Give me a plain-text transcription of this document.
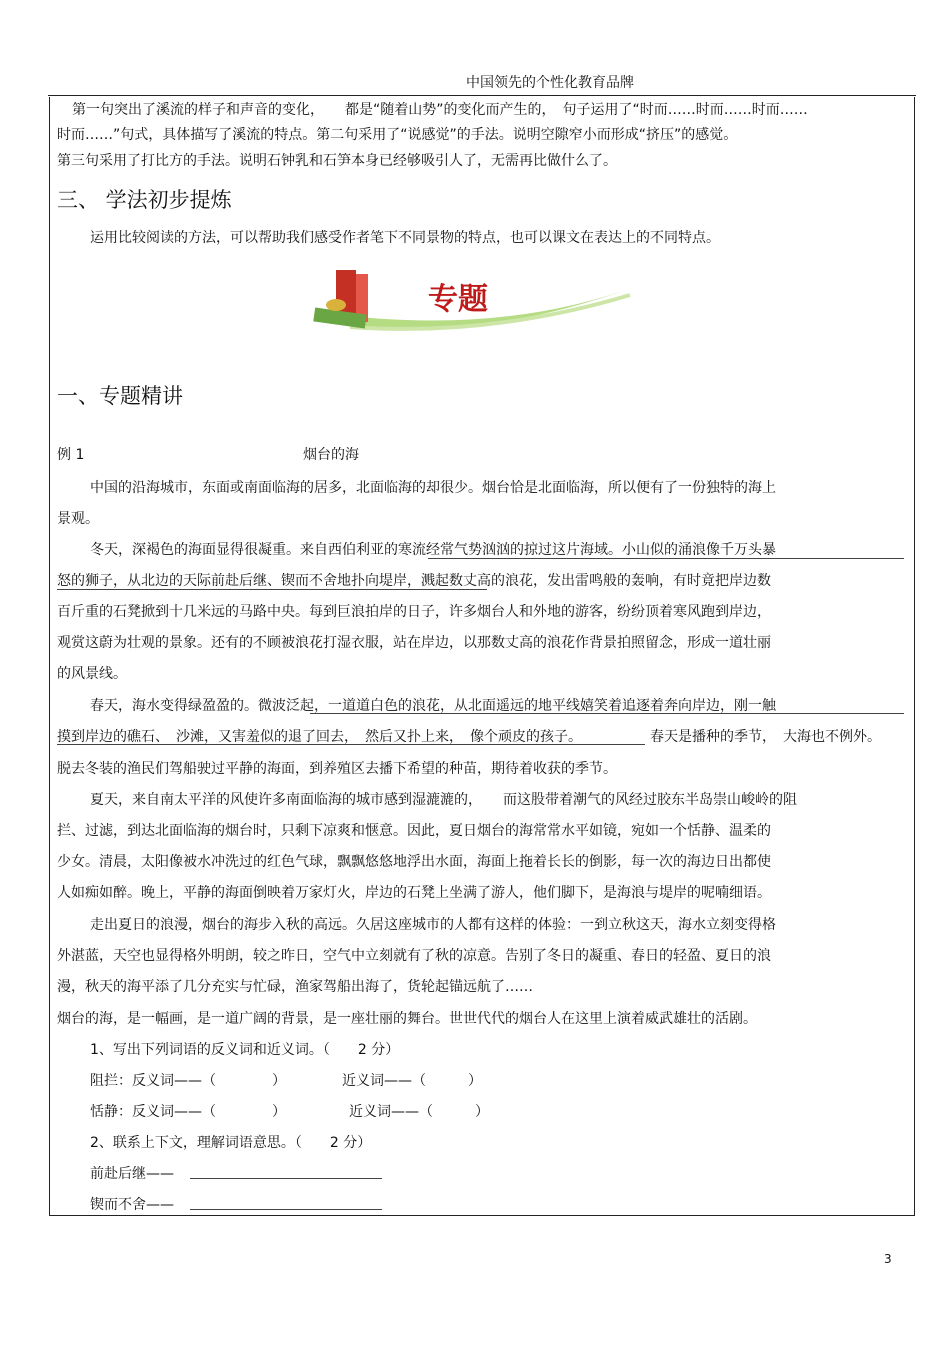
中国领先的个性化教育品牌
第一句突出了溪流的样子和声音的变化，　　都是“随着山势”的变化而产生的，　句子运用了“时而……时而……时而……
时而……”句式，具体描写了溪流的特点。第二句采用了“说感觉”的手法。说明空隙窄小而形成“挤压”的感觉。
第三句采用了打比方的手法。说明石钟乳和石笋本身已经够吸引人了，无需再比做什么了。
三、 学法初步提炼
运用比较阅读的方法，可以帮助我们感受作者笔下不同景物的特点，也可以课文在表达上的不同特点。
专题
一、专题精讲
例 1	烟台的海
中国的沿海城市，东面或南面临海的居多，北面临海的却很少。烟台恰是北面临海，所以便有了一份独特的海上
景观。
冬天，深褐色的海面显得很凝重。来自西伯利亚的寒流经常气势汹汹的掠过这片海域。小山似的涌浪像千万头暴
怒的狮子，从北边的天际前赴后继、锲而不舍地扑向堤岸，溅起数丈高的浪花，发出雷鸣般的轰响，有时竟把岸边数
百斤重的石凳掀到十几米远的马路中央。每到巨浪拍岸的日子，许多烟台人和外地的游客，纷纷顶着寒风跑到岸边，
观赏这蔚为壮观的景象。还有的不顾被浪花打湿衣服，站在岸边，以那数丈高的浪花作背景拍照留念，形成一道壮丽
的风景线。
春天，海水变得绿盈盈的。微波泛起，一道道白色的浪花，从北面遥远的地平线嬉笑着追逐着奔向岸边，刚一触
摸到岸边的礁石、　沙滩，又害羞似的退了回去，　然后又扑上来，　像个顽皮的孩子。	春天是播种的季节，　大海也不例外。
脱去冬装的渔民们驾船驶过平静的海面，到养殖区去播下希望的种苗，期待着收获的季节。
夏天，来自南太平洋的风使许多南面临海的城市感到湿漉漉的，　　而这股带着潮气的风经过胶东半岛崇山峻岭的阻
拦、过滤，到达北面临海的烟台时，只剩下凉爽和惬意。因此，夏日烟台的海常常水平如镜，宛如一个恬静、温柔的
少女。清晨，太阳像被水冲洗过的红色气球，飘飘悠悠地浮出水面，海面上拖着长长的倒影，每一次的海边日出都使
人如痴如醉。晚上，平静的海面倒映着万家灯火，岸边的石凳上坐满了游人，他们脚下，是海浪与堤岸的呢喃细语。
走出夏日的浪漫，烟台的海步入秋的高远。久居这座城市的人都有这样的体验：一到立秋这天，海水立刻变得格
外湛蓝，天空也显得格外明朗，较之昨日，空气中立刻就有了秋的凉意。告别了冬日的凝重、春日的轻盈、夏日的浪
漫，秋天的海平添了几分充实与忙碌，渔家驾船出海了，货轮起锚远航了……
烟台的海，是一幅画，是一道广阔的背景，是一座壮丽的舞台。世世代代的烟台人在这里上演着威武雄壮的活剧。
1、写出下列词语的反义词和近义词。（　　2 分）
阻拦：反义词——（　　　　）	近义词——（　　　）
恬静：反义词——（　　　　）	近义词——（　　　）
2、联系上下文，理解词语意思。（　　2 分）
前赴后继——
锲而不舍——
3
